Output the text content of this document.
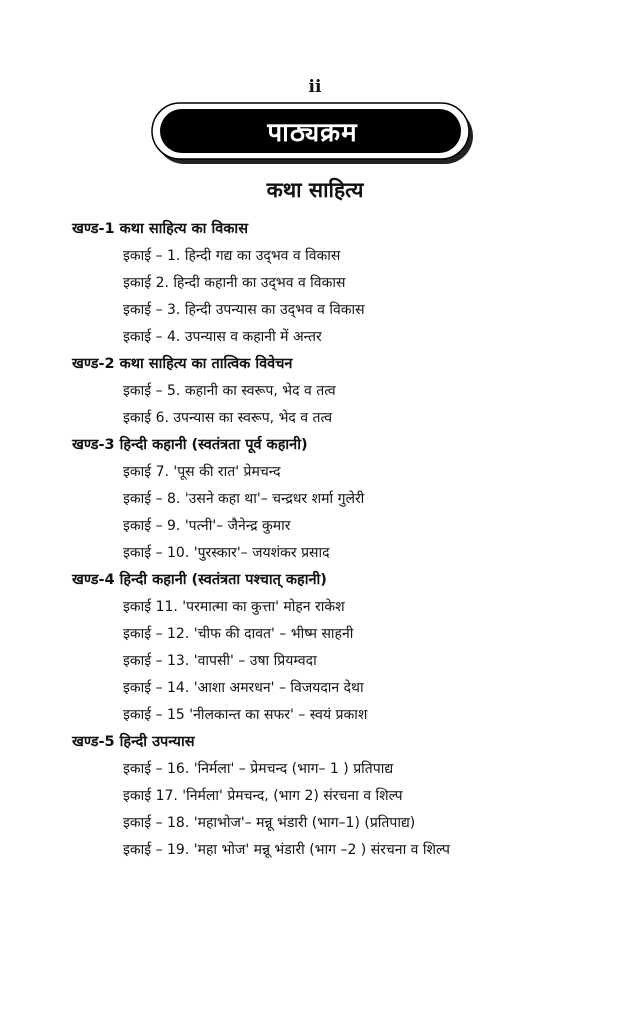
ii
पाठ्यक्रम
कथा साहित्य
खण्ड-1 कथा साहित्य का विकास
इकाई – 1. हिन्दी गद्य का उद्‌भव व विकास
इकाई 2. हिन्दी कहानी का उद्‌भव व विकास
इकाई – 3. हिन्दी उपन्यास का उद्‌भव व विकास
इकाई – 4. उपन्यास व कहानी में अन्तर
खण्ड-2 कथा साहित्य का तात्विक विवेचन
इकाई – 5. कहानी का स्वरूप, भेद व तत्व
इकाई 6. उपन्यास का स्वरूप, भेद व तत्व
खण्ड-3 हिन्दी कहानी (स्वतंत्रता पूर्व कहानी)
इकाई 7. 'पूस की रात' प्रेमचन्द
इकाई – 8. 'उसने कहा था'– चन्द्रधर शर्मा गुलेरी
इकाई – 9. 'पत्नी'– जैनेन्द्र कुमार
इकाई – 10. 'पुरस्कार'– जयशंकर प्रसाद
खण्ड-4 हिन्दी कहानी (स्वतंत्रता पश्चात् कहानी)
इकाई 11. 'परमात्मा का कुत्ता' मोहन राकेश
इकाई – 12. 'चीफ की दावत' – भीष्म साहनी
इकाई – 13. 'वापसी' – उषा प्रियम्वदा
इकाई – 14. 'आशा अमरधन' – विजयदान देथा
इकाई – 15 'नीलकान्त का सफर' – स्वयं प्रकाश
खण्ड-5 हिन्दी उपन्यास
इकाई – 16. 'निर्मला' – प्रेमचन्द (भाग– 1 ) प्रतिपाद्य
इकाई 17. 'निर्मला' प्रेमचन्द, (भाग 2) संरचना व शिल्प
इकाई – 18. 'महाभोज'– मन्नू भंडारी (भाग–1) (प्रतिपाद्य)
इकाई – 19. 'महा भोज' मन्नू भंडारी (भाग –2 ) संरचना व शिल्प
